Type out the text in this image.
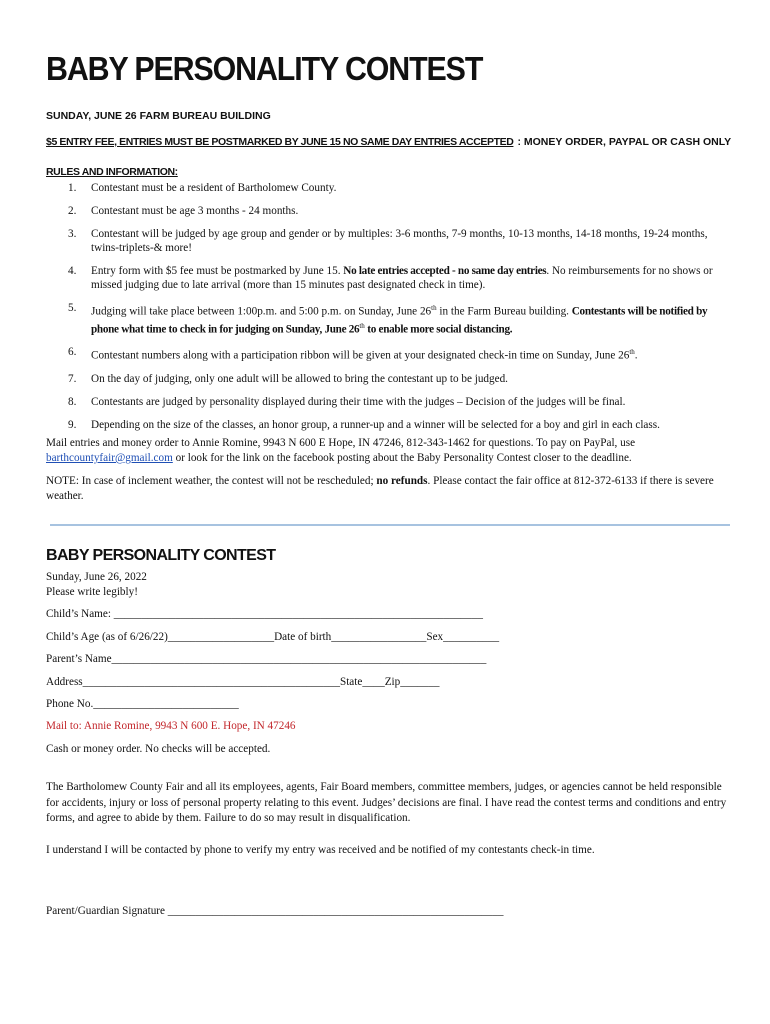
BABY PERSONALITY CONTEST

SUNDAY, JUNE 26 FARM BUREAU BUILDING

$5 ENTRY FEE, ENTRIES MUST BE POSTMARKED BY JUNE 15 NO SAME DAY ENTRIES ACCEPTED : MONEY ORDER, PAYPAL OR CASH ONLY

RULES AND INFORMATION:

1. Contestant must be a resident of Bartholomew County.
2. Contestant must be age 3 months - 24 months.
3. Contestant will be judged by age group and gender or by multiples: 3-6 months, 7-9 months, 10-13 months, 14-18 months, 19-24 months, twins-triplets-& more!
4. Entry form with $5 fee must be postmarked by June 15. No late entries accepted - no same day entries. No reimbursements for no shows or missed judging due to late arrival (more than 15 minutes past designated check in time).
5. Judging will take place between 1:00p.m. and 5:00 p.m. on Sunday, June 26th in the Farm Bureau building. Contestants will be notified by phone what time to check in for judging on Sunday, June 26th to enable more social distancing.
6. Contestant numbers along with a participation ribbon will be given at your designated check-in time on Sunday, June 26th.
7. On the day of judging, only one adult will be allowed to bring the contestant up to be judged.
8. Contestants are judged by personality displayed during their time with the judges – Decision of the judges will be final.
9. Depending on the size of the classes, an honor group, a runner-up and a winner will be selected for a boy and girl in each class.

Mail entries and money order to Annie Romine, 9943 N 600 E Hope, IN 47246, 812-343-1462 for questions. To pay on PayPal, use barthcountyfair@gmail.com or look for the link on the facebook posting about the Baby Personality Contest closer to the deadline.

NOTE: In case of inclement weather, the contest will not be rescheduled; no refunds. Please contact the fair office at 812-372-6133 if there is severe weather.

BABY PERSONALITY CONTEST

Sunday, June 26, 2022

Please write legibly!

Child’s Name: __________________________________________________________________

Child’s Age (as of 6/26/22)___________________Date of birth_________________Sex__________

Parent’s Name___________________________________________________________________

Address______________________________________________State____Zip_______

Phone No.__________________________

Mail to: Annie Romine, 9943 N 600 E. Hope, IN 47246

Cash or money order. No checks will be accepted.

The Bartholomew County Fair and all its employees, agents, Fair Board members, committee members, judges, or agencies cannot be held responsible for accidents, injury or loss of personal property relating to this event. Judges’ decisions are final. I have read the contest terms and conditions and entry forms, and agree to abide by them. Failure to do so may result in disqualification.

I understand I will be contacted by phone to verify my entry was received and be notified of my contestants check-in time.

Parent/Guardian Signature ____________________________________________________________
